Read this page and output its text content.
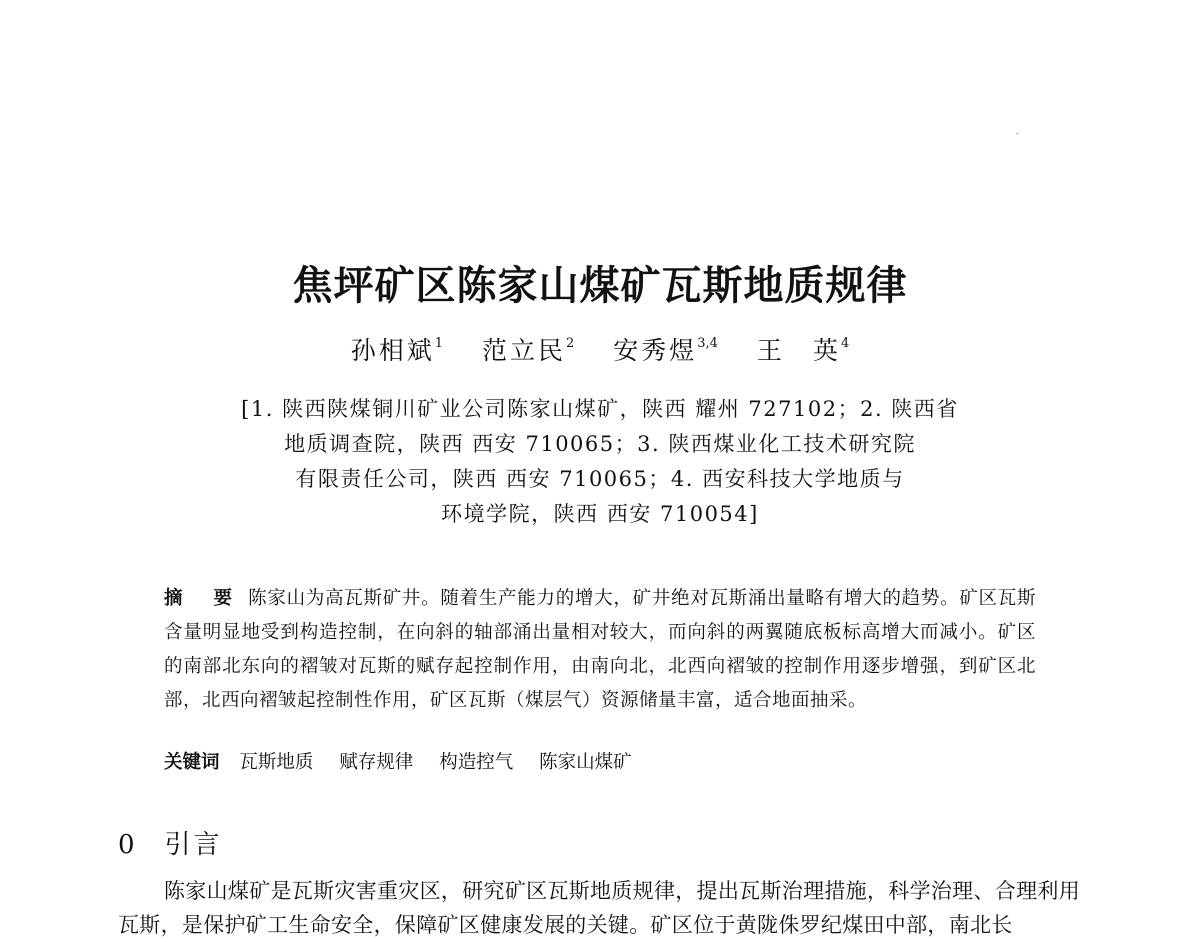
焦坪矿区陈家山煤矿瓦斯地质规律
孙相斌$^1$ 范立民$^2$ 安秀煜$^{3,4}$ 王　英$^4$
[1. 陕西陕煤铜川矿业公司陈家山煤矿，陕西 耀州 727102；2. 陕西省
地质调查院，陕西 西安 710065；3. 陕西煤业化工技术研究院
有限责任公司，陕西 西安 710065；4. 西安科技大学地质与
环境学院，陕西 西安 710054]
摘　要 陈家山为高瓦斯矿井。随着生产能力的增大，矿井绝对瓦斯涌出量略有增大的趋势。矿区瓦斯含量明显地受到构造控制，在向斜的轴部涌出量相对较大，而向斜的两翼随底板标高增大而减小。矿区的南部北东向的褶皱对瓦斯的赋存起控制作用，由南向北，北西向褶皱的控制作用逐步增强，到矿区北部，北西向褶皱起控制性作用，矿区瓦斯（煤层气）资源储量丰富，适合地面抽采。
关键词 瓦斯地质 赋存规律 构造控气 陈家山煤矿
0 引言

陈家山煤矿是瓦斯灾害重灾区，研究矿区瓦斯地质规律，提出瓦斯治理措施，科学治理、合理利用瓦斯，是保护矿工生命安全，保障矿区健康发展的关键。矿区位于黄陇侏罗纪煤田中部，南北长
